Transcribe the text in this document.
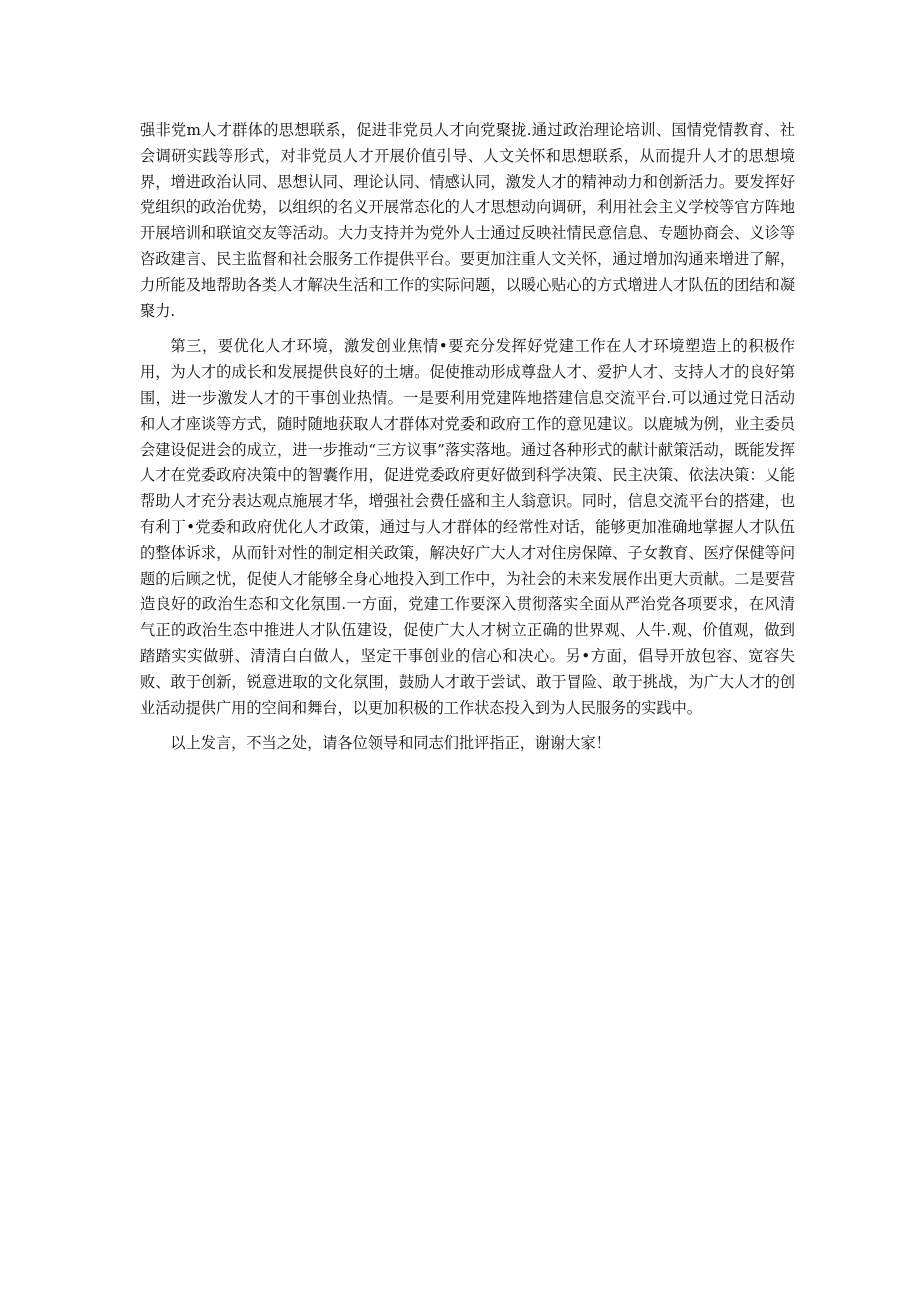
强非党m人才群体的思想联系，促进非党员人才向党聚拢.通过政治理论培训、国情党情教育、社会调研实践等形式，对非党员人才开展价值引导、人文关怀和思想联系，从而提升人才的思想境界，增进政治认同、思想认同、理论认同、情感认同，激发人才的精神动力和创新活力。要发挥好党组织的政治优势，以组织的名义开展常态化的人才思想动向调研，利用社会主义学校等官方阵地开展培训和联谊交友等活动。大力支持并为党外人士通过反映社情民意信息、专题协商会、义诊等咨政建言、民主监督和社会服务工作提供平台。要更加注重人文关怀，通过增加沟通来增进了解，力所能及地帮助各类人才解决生活和工作的实际问题，以暖心贴心的方式增进人才队伍的团结和凝聚力.

第三，要优化人才环境，激发创业焦情•要充分发挥好党建工作在人才环境塑造上的积极作用，为人才的成长和发展提供良好的土塘。促使推动形成尊盘人才、爱护人才、支持人才的良好第围，进一步激发人才的干事创业热情。一是要利用党建阵地搭建信息交流平台.可以通过党日活动和人才座谈等方式，随时随地获取人才群体对党委和政府工作的意见建议。以鹿城为例，业主委员会建设促进会的成立，进一步推动“三方议事”落实落地。通过各种形式的献计献策活动，既能发挥人才在党委政府决策中的智囊作用，促进党委政府更好做到科学决策、民主决策、依法决策：乂能帮助人才充分表达观点施展才华，增强社会费任盛和主人翁意识。同时，信息交流平台的搭建，也有利丁•党委和政府优化人才政策，通过与人才群体的经常性对话，能够更加准确地掌握人才队伍的整体诉求，从而针对性的制定相关政策，解决好广大人才对住房保障、子女教育、医疗保健等问题的后顾之忧，促使人才能够全身心地投入到工作中，为社会的未来发展作出更大贡献。二是要营造良好的政治生态和文化氛围.一方面，党建工作要深入贯彻落实全面从严治党各项要求，在风清气正的政治生态中推进人才队伍建设，促使广大人才树立正确的世界观、人牛.观、价值观，做到踏踏实实做骈、清清白白做人，坚定干事创业的信心和决心。另•方面，倡导开放包容、宽容失败、敢于创新，锐意进取的文化氛围，鼓励人才敢于尝试、敢于冒险、敢于挑战，为广大人才的创业活动提供广用的空间和舞台，以更加积极的工作状态投入到为人民服务的实践中。

以上发言，不当之处，请各位领导和同志们批评指正，谢谢大家！
